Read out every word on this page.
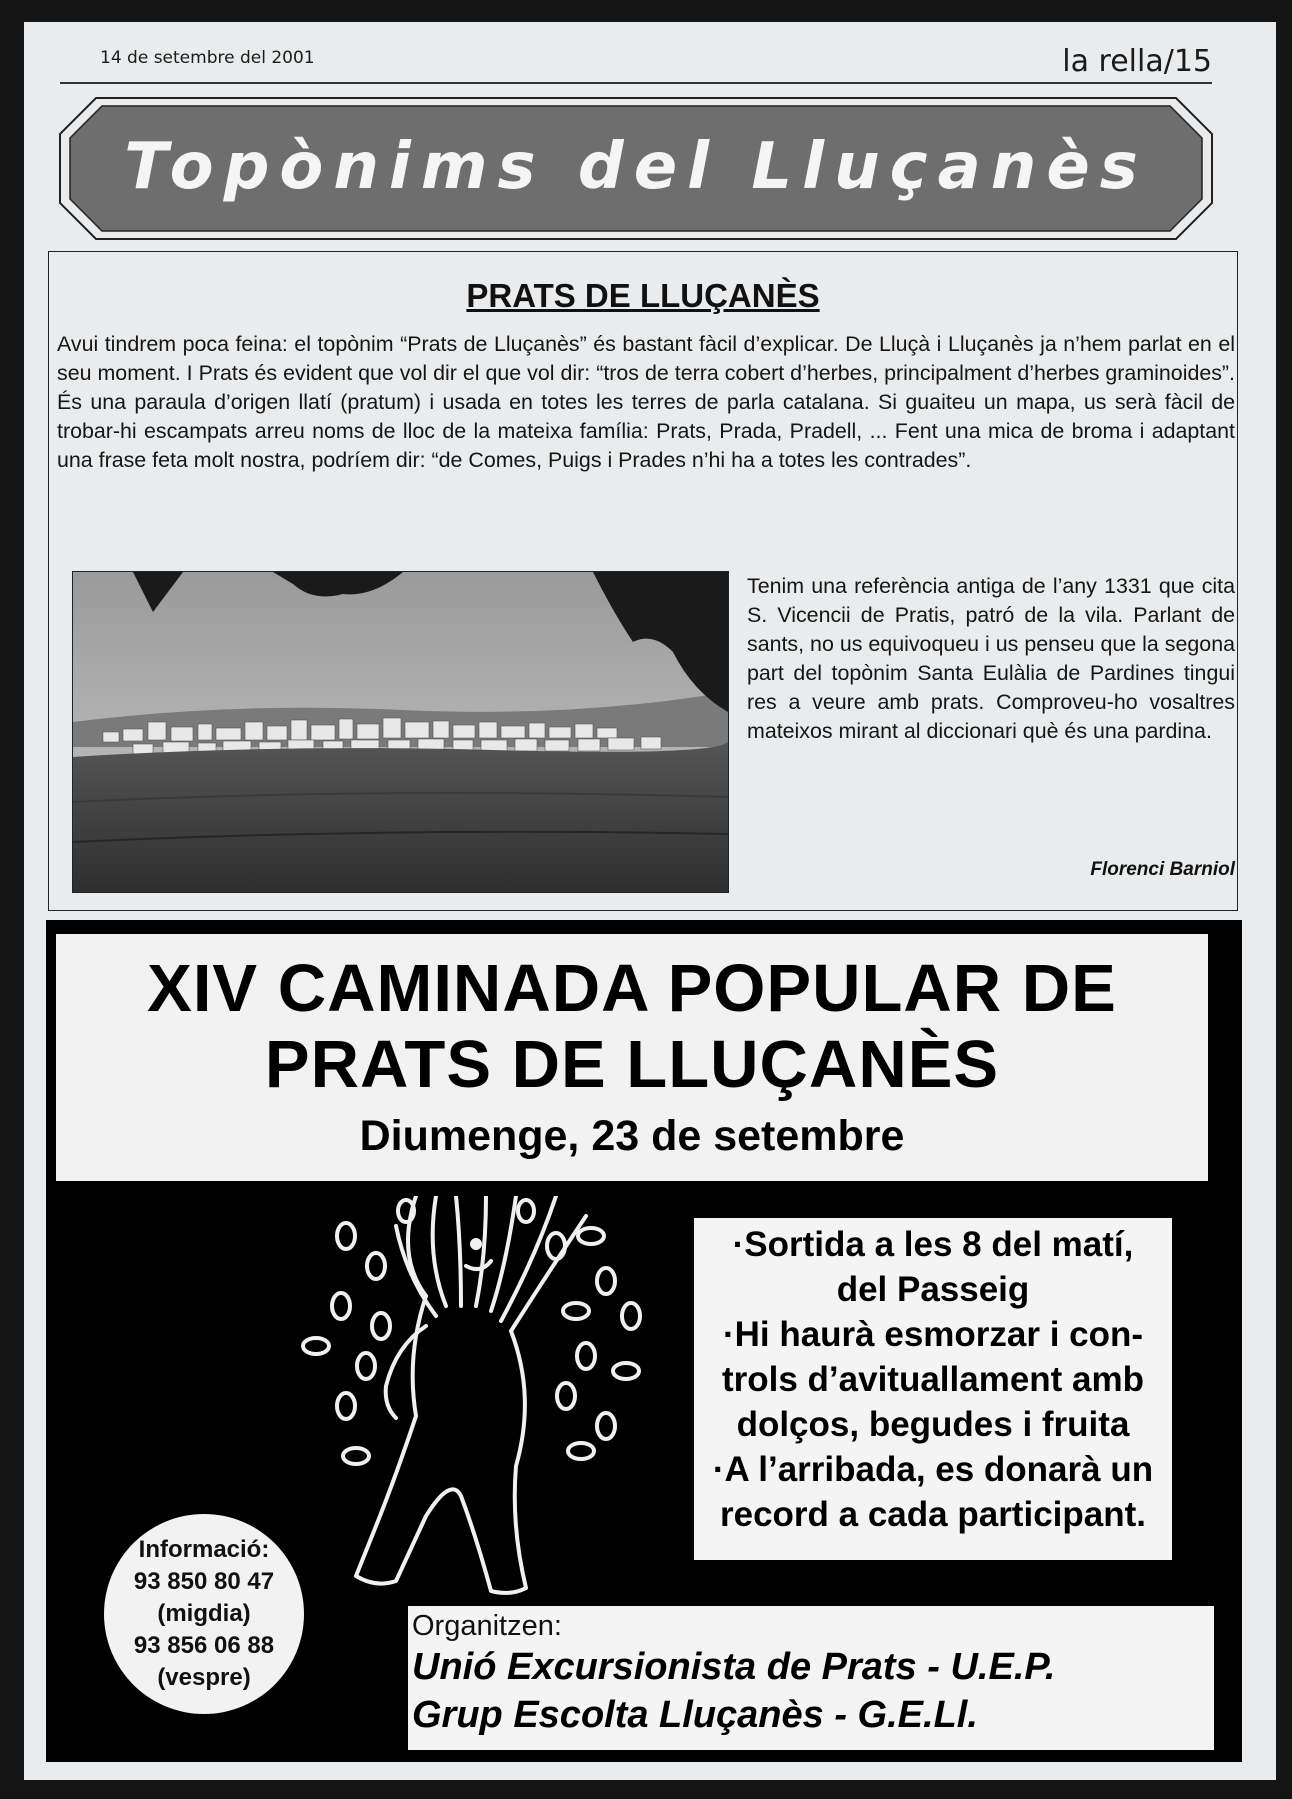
14 de setembre del 2001	la rella/15
Topònims del Lluçanès
PRATS DE LLUÇANÈS

Avui tindrem poca feina: el topònim “Prats de Lluçanès” és bastant fàcil d’explicar. De Lluçà i Lluçanès ja n’hem parlat en el seu moment. I Prats és evident que vol dir el que vol dir: “tros de terra cobert d’herbes, principalment d’herbes graminoides”. És una paraula d’origen llatí (pratum) i usada en totes les terres de parla catalana. Si guaiteu un mapa, us serà fàcil de trobar-hi escampats arreu noms de lloc de la mateixa família: Prats, Prada, Pradell, ... Fent una mica de broma i adaptant una frase feta molt nostra, podríem dir: “de Comes, Puigs i Prades n’hi ha a totes les contrades”.

Tenim una referència antiga de l’any 1331 que cita S. Vicencii de Pratis, patró de la vila. Parlant de sants, no us equivoqueu i us penseu que la segona part del topònim Santa Eulàlia de Pardines tingui res a veure amb prats. Comproveu-ho vosaltres mateixos mirant al diccionari què és una pardina.

Florenci Barniol
XIV CAMINADA POPULAR DE
PRATS DE LLUÇANÈS
Diumenge, 23 de setembre

·Sortida a les 8 del matí,

del Passeig

·Hi haurà esmorzar i con-

trols d’avituallament amb

dolços, begudes i fruita

·A l’arribada, es donarà un

record a cada participant.

Informació:
93 850 80 47
(migdia)
93 856 06 88
(vespre)
Organitzen:
Unió Excursionista de Prats - U.E.P.
Grup Escolta Lluçanès - G.E.Ll.
